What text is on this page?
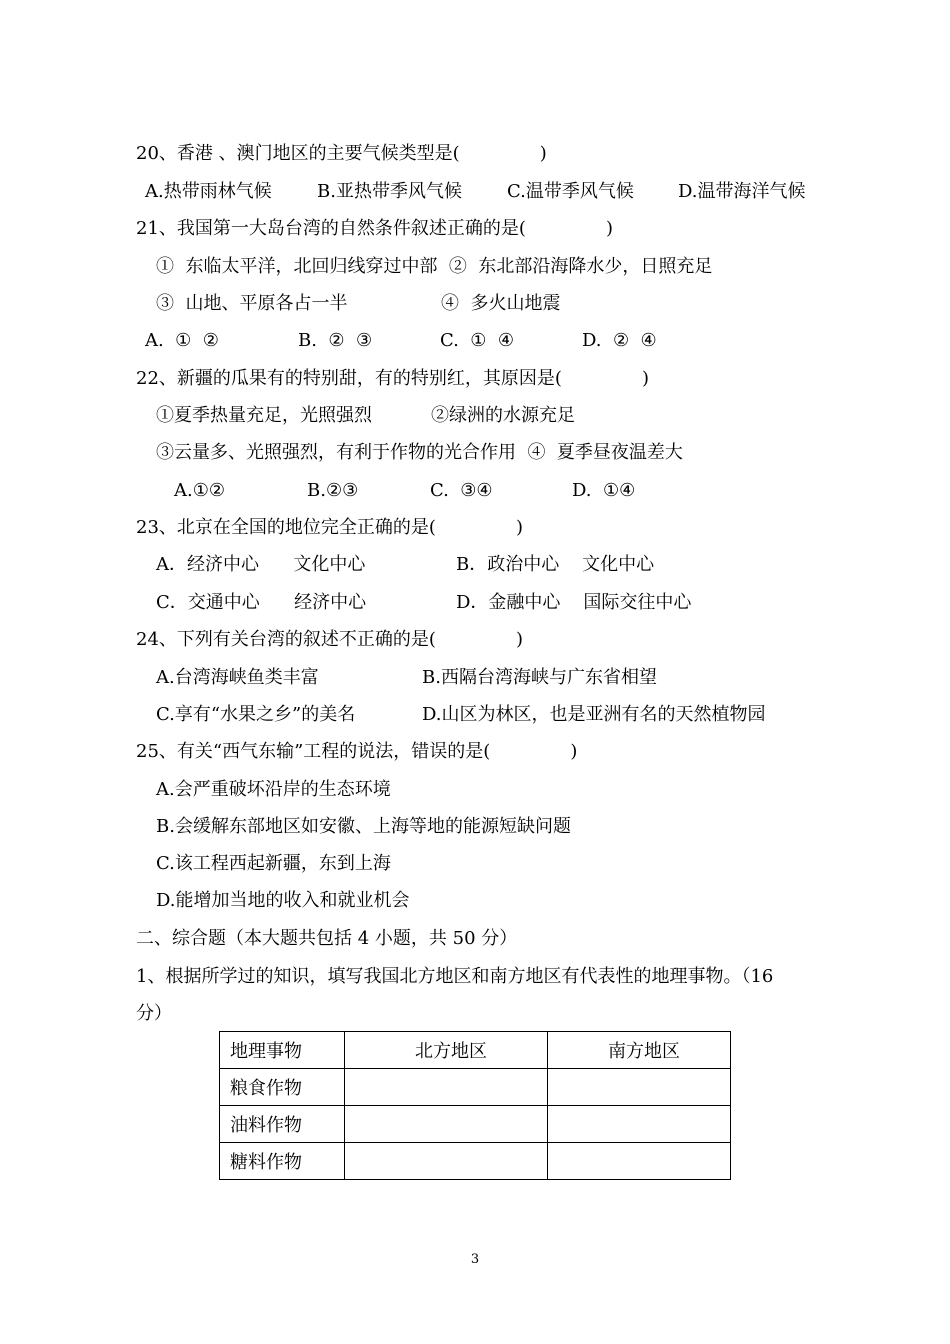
20、香港 、澳门地区的主要气候类型是(              )
A.热带雨林气候	B.亚热带季风气候	C.温带季风气候 D.温带海洋气候
21、我国第一大岛台湾的自然条件叙述正确的是(              )
①  东临太平洋，北回归线穿过中部  ②  东北部沿海降水少，日照充足
③  山地、平原各占一半	④  多火山地震
A.  ①  ②	B.  ②  ③	C.  ①  ④	D.  ②  ④
22、新疆的瓜果有的特别甜，有的特别红，其原因是(              )
①夏季热量充足，光照强烈	②绿洲的水源充足
③云量多、光照强烈，有利于作物的光合作用  ④  夏季昼夜温差大
A.①②	B.②③	C.  ③④	D.  ①④
23、北京在全国的地位完全正确的是(              )
A．经济中心      文化中心	B．政治中心    文化中心
C．交通中心      经济中心	D．金融中心    国际交往中心
24、下列有关台湾的叙述不正确的是(              )
A.台湾海峡鱼类丰富	B.西隔台湾海峡与广东省相望
C.享有“水果之乡”的美名	D.山区为林区，也是亚洲有名的天然植物园
25、有关“西气东输”工程的说法，错误的是(              )
A.会严重破坏沿岸的生态环境
B.会缓解东部地区如安徽、上海等地的能源短缺问题
C.该工程西起新疆，东到上海
D.能增加当地的收入和就业机会
二、综合题（本大题共包括 4 小题，共 50 分）
1、根据所学过的知识，填写我国北方地区和南方地区有代表性的地理事物。（16
分）
地理事物	北方地区	南方地区
粮食作物		
油料作物		
糖料作物		
3
